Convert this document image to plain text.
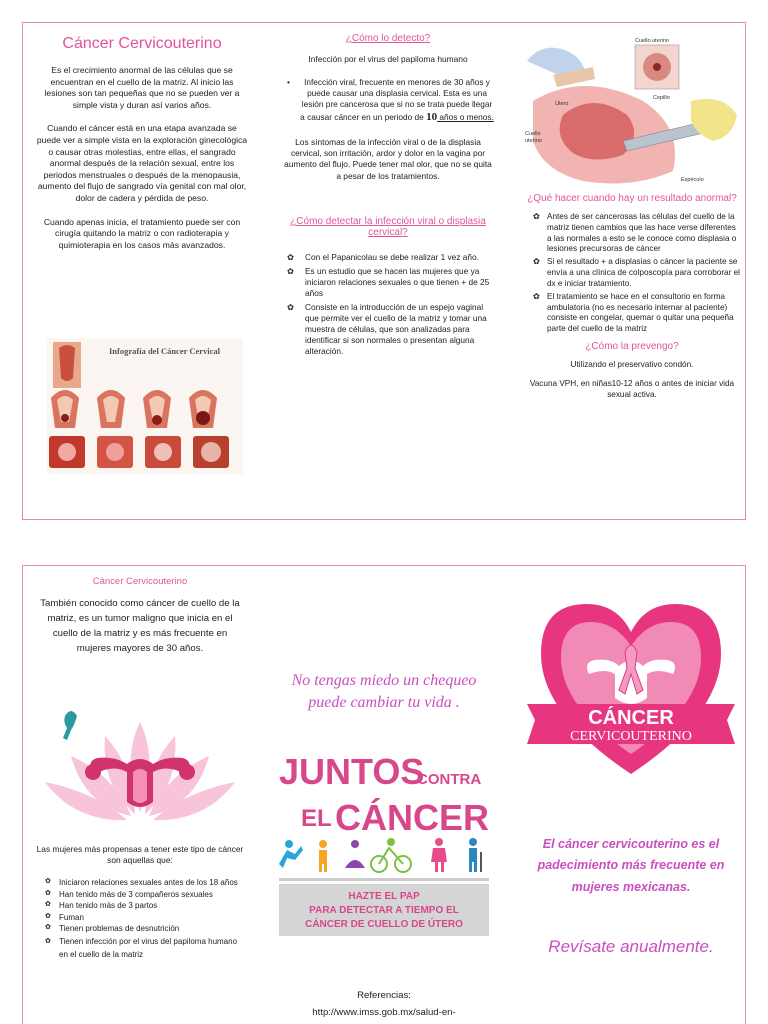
Cáncer Cervicouterino

Es el crecimiento anormal de las células que se encuentran en el cuello de la matriz. Al inicio las lesiones son tan pequeñas que no se pueden ver a simple vista y duran así varios años.

Cuando el cáncer está en una etapa avanzada se puede ver a simple vista en la exploración ginecológica o causar otras molestias, entre ellas, el sangrado anormal después de la relación sexual, entre los periodos menstruales o después de la menopausia, aumento del flujo de sangrado vía genital con mal olor, dolor de cadera y pérdida de peso.

Cuando apenas inicia, el tratamiento puede ser con cirugía quitando la matriz o con radioterapia y quimioterapia en los casos más avanzados.

Infografía del Cáncer Cervical
¿Cómo lo detecto?

Infección por el virus del papiloma humano

• Infección viral, frecuente en menores de 30 años y puede causar una displasia cervical. Esta es una lesión pre cancerosa que si no se trata puede llegar a causar cáncer en un periodo de 10 años o menos.

Los síntomas de la infección viral o de la displasia cervical, son irritación, ardor y dolor en la vagina por aumento del flujo. Puede tener mal olor, que no se quita a pesar de los tratamientos.

¿Cómo detectar la infección viral o displasia cervical?
✿ Con el Papanicolau se debe realizar 1 vez año.
✿ Es un estudio que se hacen las mujeres que ya iniciaron relaciones sexuales o que tienen + de 25 años
✿ Consiste en la introducción de un espejo vaginal que permite ver el cuello de la matriz y tomar una muestra de células, que son analizadas para identificar si son normales o presentan alguna alteración.
Cuello uterino
Cepillo
Útero
Cuello
uterino
Espéculo
¿Qué hacer cuando hay un resultado anormal?
✿ Antes de ser cancerosas las células del cuello de la matriz tienen cambios que las hace verse diferentes a las normales a esto se le conoce como displasia o lesiones precursoras de cáncer
✿ Si el resultado + a displasias o cáncer la paciente se envía a una clínica de colposcopía para corroborar el dx e iniciar tratamiento.
✿ El tratamiento se hace en el consultorio en forma ambulatoria (no es necesario internar al paciente) consiste en congelar, quemar o quitar una pequeña parte del cuello de la matriz
¿Cómo la prevengo?

Utilizando el preservativo condón.

Vacuna VPH, en niñas10-12 años o antes de iniciar vida sexual activa.

Cáncer Cervicouterino

También conocido como cáncer de cuello de la matriz, es un tumor maligno que inicia en el cuello de la matriz y es más frecuente en mujeres mayores de 30 años.

Las mujeres más propensas a tener este tipo de cáncer son aquellas que:

✿ Iniciaron relaciones sexuales antes de los 18 años
✿ Han tenido más de 3 compañeros sexuales
✿ Han tenido más de 3 partos
✿ Fuman
✿ Tienen problemas de desnutrición
✿ Tienen infección por el virus del papiloma humano en el cuello de la matriz

No tengas miedo un chequeo puede cambiar tu vida .

JUNTOS
CONTRA
EL CÁNCER
HAZTE EL PAP
PARA DETECTAR A TIEMPO EL
CÁNCER DE CUELLO DE ÚTERO
Referencias:
http://www.imss.gob.mx/salud-en-
CÁNCER
CERVICOUTERINO

El cáncer cervicouterino es el padecimiento más frecuente en mujeres mexicanas.

Revísate anualmente.
